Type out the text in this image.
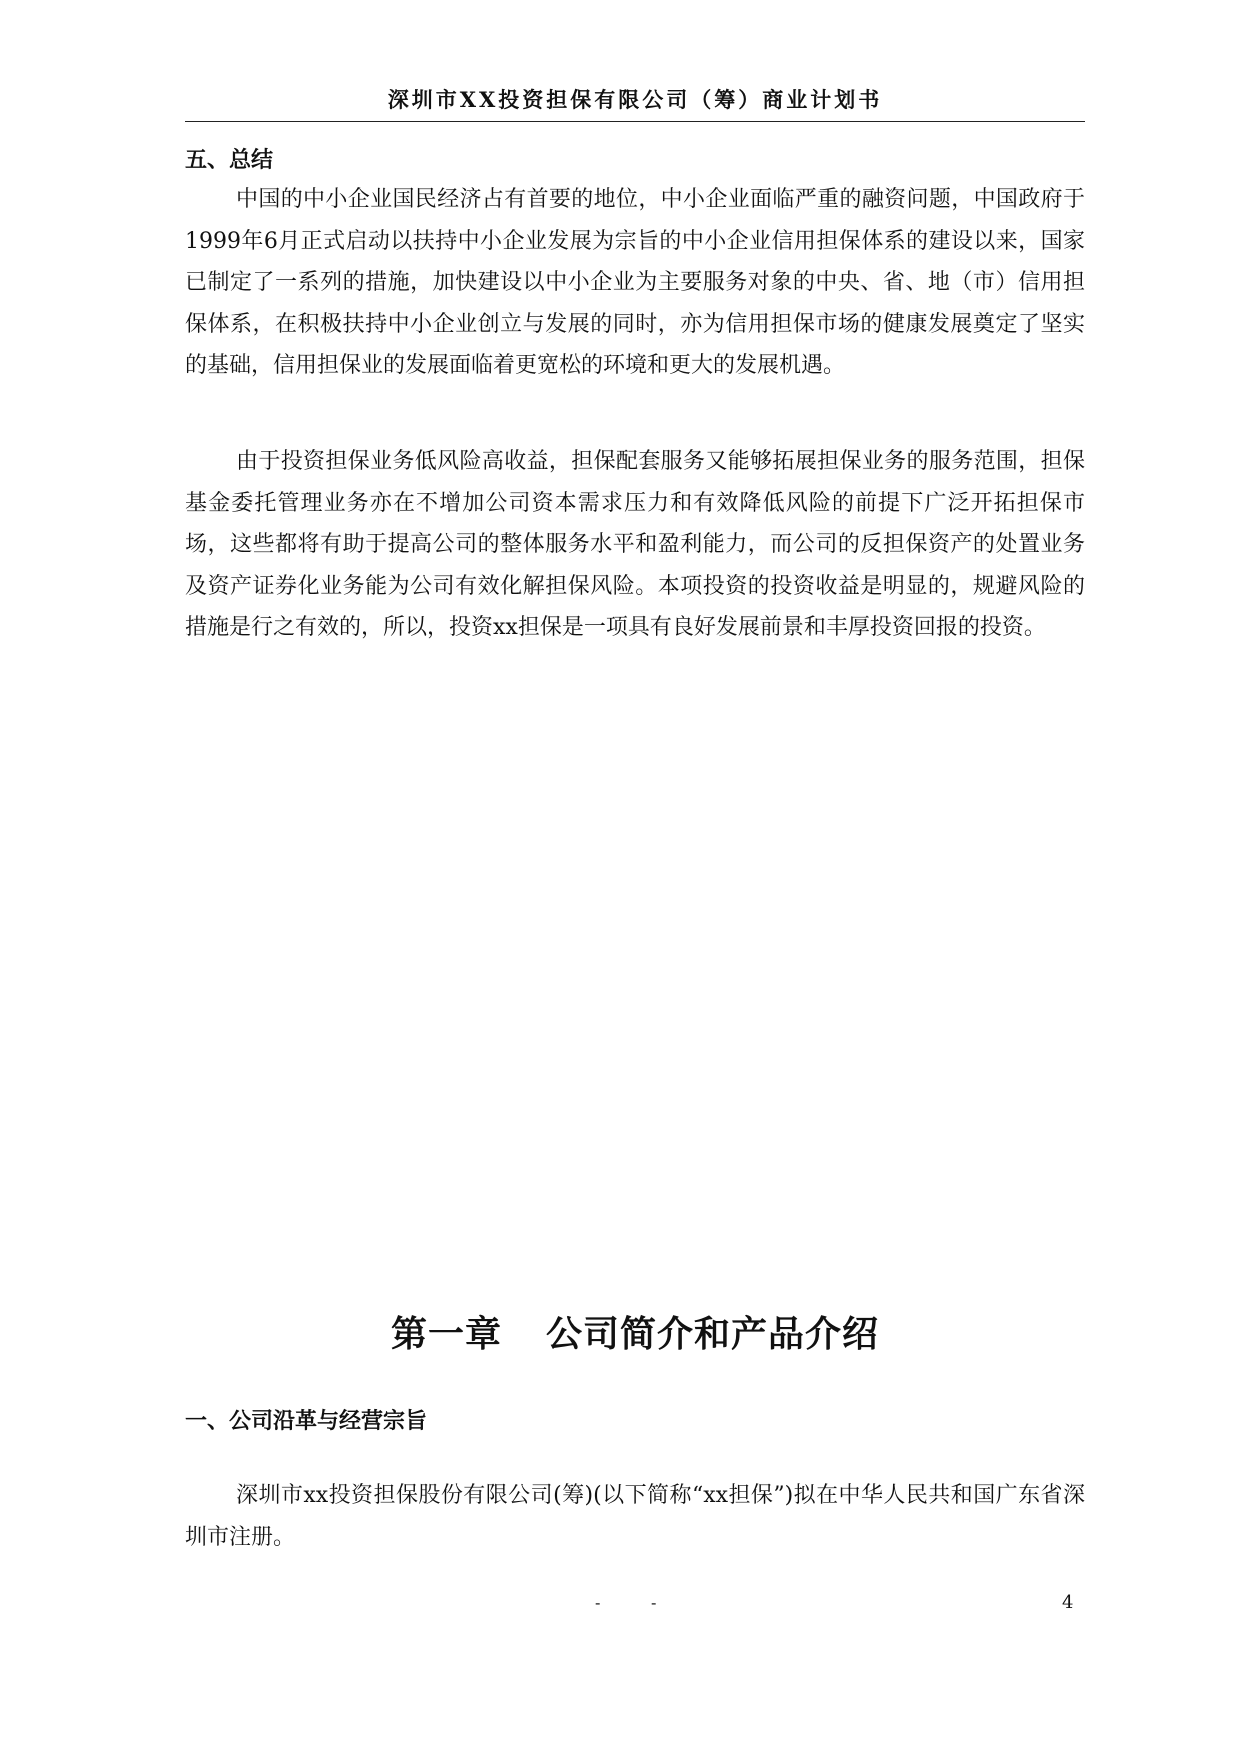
深圳市XX投资担保有限公司（筹）商业计划书
五、总结

中国的中小企业国民经济占有首要的地位，中小企业面临严重的融资问题，中国政府于1999年6月正式启动以扶持中小企业发展为宗旨的中小企业信用担保体系的建设以来，国家已制定了一系列的措施，加快建设以中小企业为主要服务对象的中央、省、地（市）信用担保体系，在积极扶持中小企业创立与发展的同时，亦为信用担保市场的健康发展奠定了坚实的基础，信用担保业的发展面临着更宽松的环境和更大的发展机遇。

由于投资担保业务低风险高收益，担保配套服务又能够拓展担保业务的服务范围，担保基金委托管理业务亦在不增加公司资本需求压力和有效降低风险的前提下广泛开拓担保市场，这些都将有助于提高公司的整体服务水平和盈利能力，而公司的反担保资产的处置业务及资产证券化业务能为公司有效化解担保风险。本项投资的投资收益是明显的，规避风险的措施是行之有效的，所以，投资xx担保是一项具有良好发展前景和丰厚投资回报的投资。

第一章 公司简介和产品介绍
一、公司沿革与经营宗旨

深圳市xx投资担保股份有限公司(筹)(以下简称“xx担保”)拟在中华人民共和国广东省深圳市注册。

-	-	4
